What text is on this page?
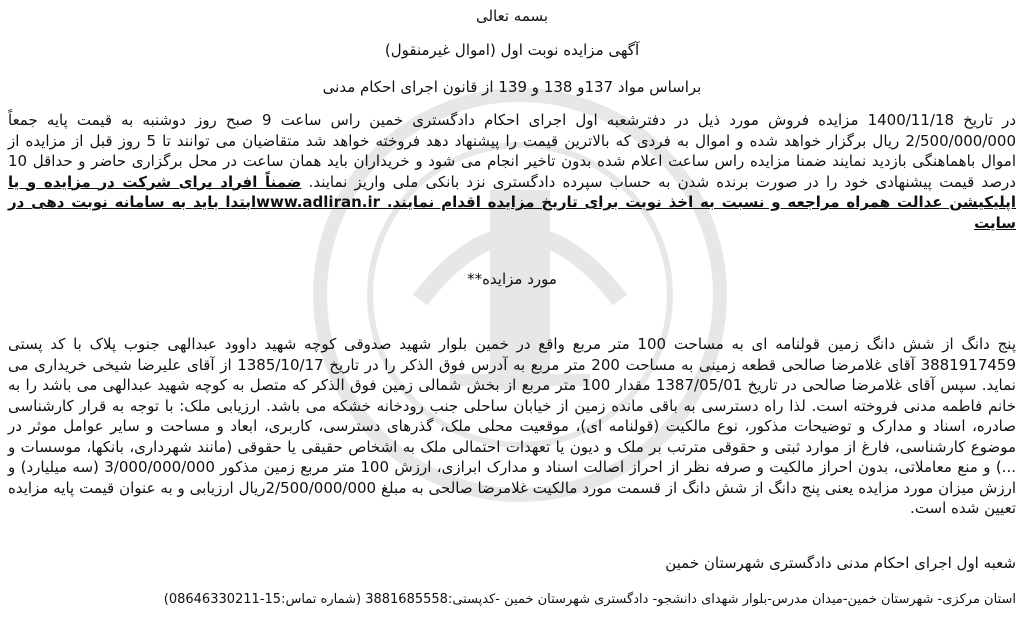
بسمه تعالی
آگهی مزایده نوبت اول (اموال غیرمنقول)
براساس مواد 137و 138 و 139 از قانون اجرای احکام مدنی
در تاریخ 1400/11/18 مزایده فروش مورد ذیل در دفترشعبه اول اجرای احکام دادگستری خمین راس ساعت 9 صبح روز دوشنبه به قیمت پایه جمعاً 2/500/000/000 ریال برگزار خواهد شده و اموال به فردی که بالاترین قیمت را پیشنهاد دهد فروخته خواهد شد متقاضیان می توانند تا 5 روز قبل از مزایده از اموال باهماهنگی بازدید نمایند ضمنا مزایده راس ساعت اعلام شده بدون تاخیر انجام می شود و خریداران باید همان ساعت در محل برگزاری حاضر و حداقل 10 درصد قیمت پیشنهادی خود را در صورت برنده شدن به حساب سپرده دادگستری نزد بانکی ملی واریز نمایند. ضمناً افراد برای شرکت در مزایده و یا اپلیکیشن عدالت همراه مراجعه و نسبت به اخذ نوبت برای تاریخ مزایده اقدام نمایند. www.adliran.irابتدا باید به سامانه نوبت دهی در سایت
مورد مزایده**
پنج دانگ از شش دانگ زمین قولنامه ای به مساحت 100 متر مربع واقع در خمین بلوار شهید صدوقی کوچه شهید داوود عبدالهی جنوب پلاک با کد پستی 3881917459 آقای غلامرضا صالحی قطعه زمینی به مساحت 200 متر مربع به آدرس فوق الذکر را در تاریخ 1385/10/17 از آقای علیرضا شیخی خریداری می نماید. سپس آقای غلامرضا صالحی در تاریخ 1387/05/01 مقدار 100 متر مربع از بخش شمالی زمین فوق الذکر که متصل به کوچه شهید عبدالهی می باشد را به خانم فاطمه مدنی فروخته است. لذا راه دسترسی به باقی مانده زمین از خیابان ساحلی جنب رودخانه خشکه می باشد. ارزیابی ملک: با توجه به قرار کارشناسی صادره، اسناد و مدارک و توضیحات مذکور، نوع مالکیت (قولنامه ای)، موقعیت محلی ملک، گذرهای دسترسی، کاربری، ابعاد و مساحت و سایر عوامل موثر در موضوع کارشناسی، فارغ از موارد ثبتی و حقوقی مترتب بر ملک و دیون یا تعهدات احتمالی ملک به اشخاص حقیقی یا حقوقی (مانند شهرداری، بانکها، موسسات و ...) و منع معاملاتی، بدون احراز مالکیت و صرفه نظر از احراز اصالت اسناد و مدارک ابرازی، ارزش 100 متر مربع زمین مذکور 3/000/000/000 (سه میلیارد) و ارزش میزان مورد مزایده یعنی پنج دانگ از شش دانگ از قسمت مورد مالکیت غلامرضا صالحی به مبلغ 2/500/000/000ریال ارزیابی و به عنوان قیمت پایه مزایده تعیین شده است.
شعبه اول اجرای احکام مدنی دادگستری شهرستان خمین
استان مرکزی- شهرستان خمین-میدان مدرس-بلوار شهدای دانشجو- دادگستری شهرستان خمین -کدپستی:3881685558 (شماره تماس:15-08646330211)
